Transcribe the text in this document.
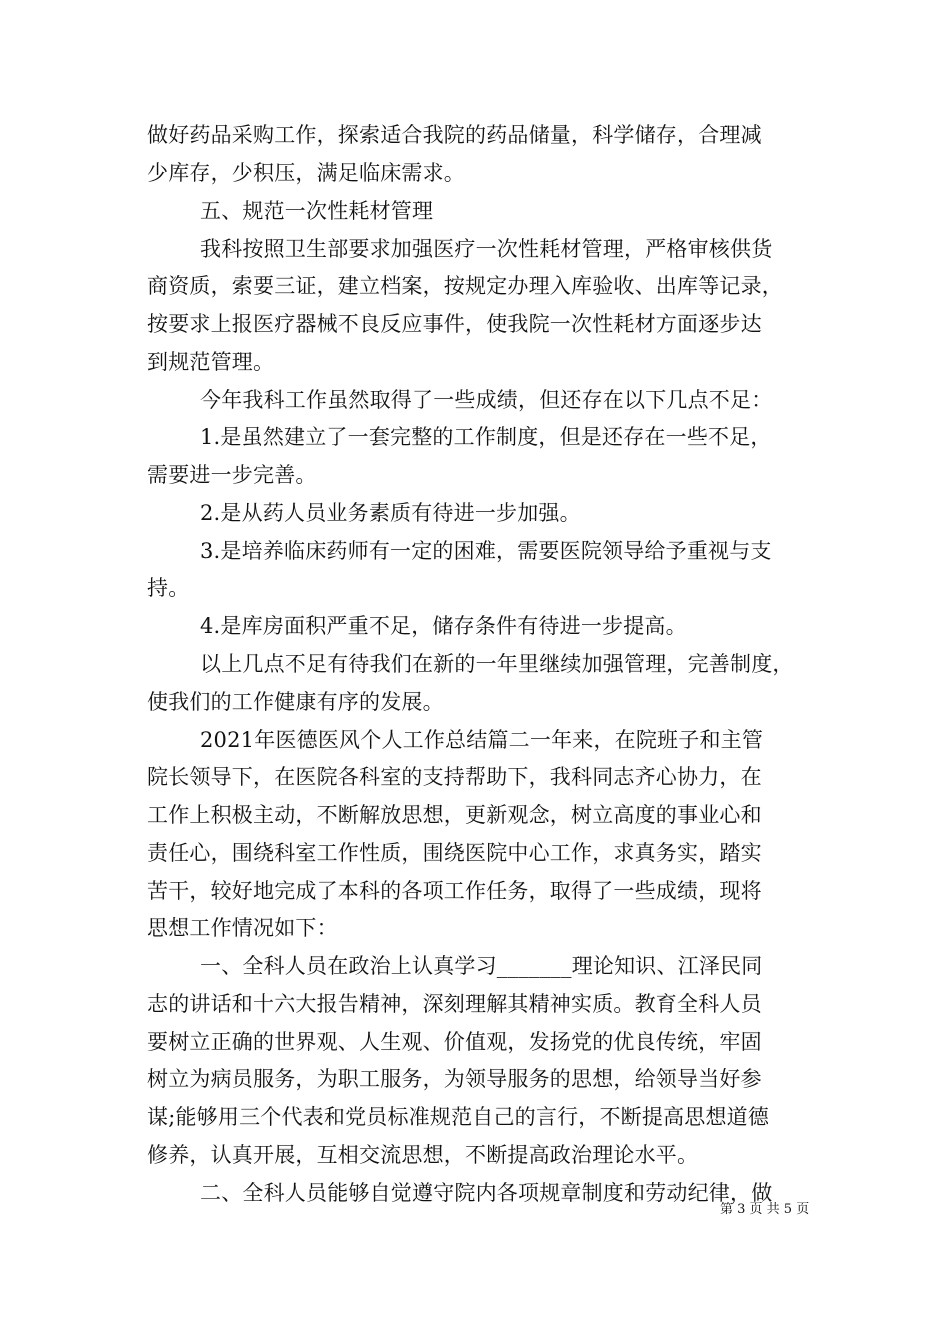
做好药品采购工作，探索适合我院的药品储量，科学储存，合理减
少库存，少积压，满足临床需求。
五、规范一次性耗材管理
我科按照卫生部要求加强医疗一次性耗材管理，严格审核供货
商资质，索要三证，建立档案，按规定办理入库验收、出库等记录，
按要求上报医疗器械不良反应事件，使我院一次性耗材方面逐步达
到规范管理。
今年我科工作虽然取得了一些成绩，但还存在以下几点不足：
1.是虽然建立了一套完整的工作制度，但是还存在一些不足，
需要进一步完善。
2.是从药人员业务素质有待进一步加强。
3.是培养临床药师有一定的困难，需要医院领导给予重视与支
持。
4.是库房面积严重不足，储存条件有待进一步提高。
以上几点不足有待我们在新的一年里继续加强管理，完善制度，
使我们的工作健康有序的发展。
2021年医德医风个人工作总结篇二一年来，在院班子和主管
院长领导下，在医院各科室的支持帮助下，我科同志齐心协力，在
工作上积极主动，不断解放思想，更新观念，树立高度的事业心和
责任心，围绕科室工作性质，围绕医院中心工作，求真务实，踏实
苦干，较好地完成了本科的各项工作任务，取得了一些成绩，现将
思想工作情况如下：
一、全科人员在政治上认真学习_______理论知识、江泽民同
志的讲话和十六大报告精神，深刻理解其精神实质。教育全科人员
要树立正确的世界观、人生观、价值观，发扬党的优良传统，牢固
树立为病员服务，为职工服务，为领导服务的思想，给领导当好参
谋;能够用三个代表和党员标准规范自己的言行，不断提高思想道德
修养，认真开展，互相交流思想，不断提高政治理论水平。
二、全科人员能够自觉遵守院内各项规章制度和劳动纪律，做
第 3 页 共 5 页
